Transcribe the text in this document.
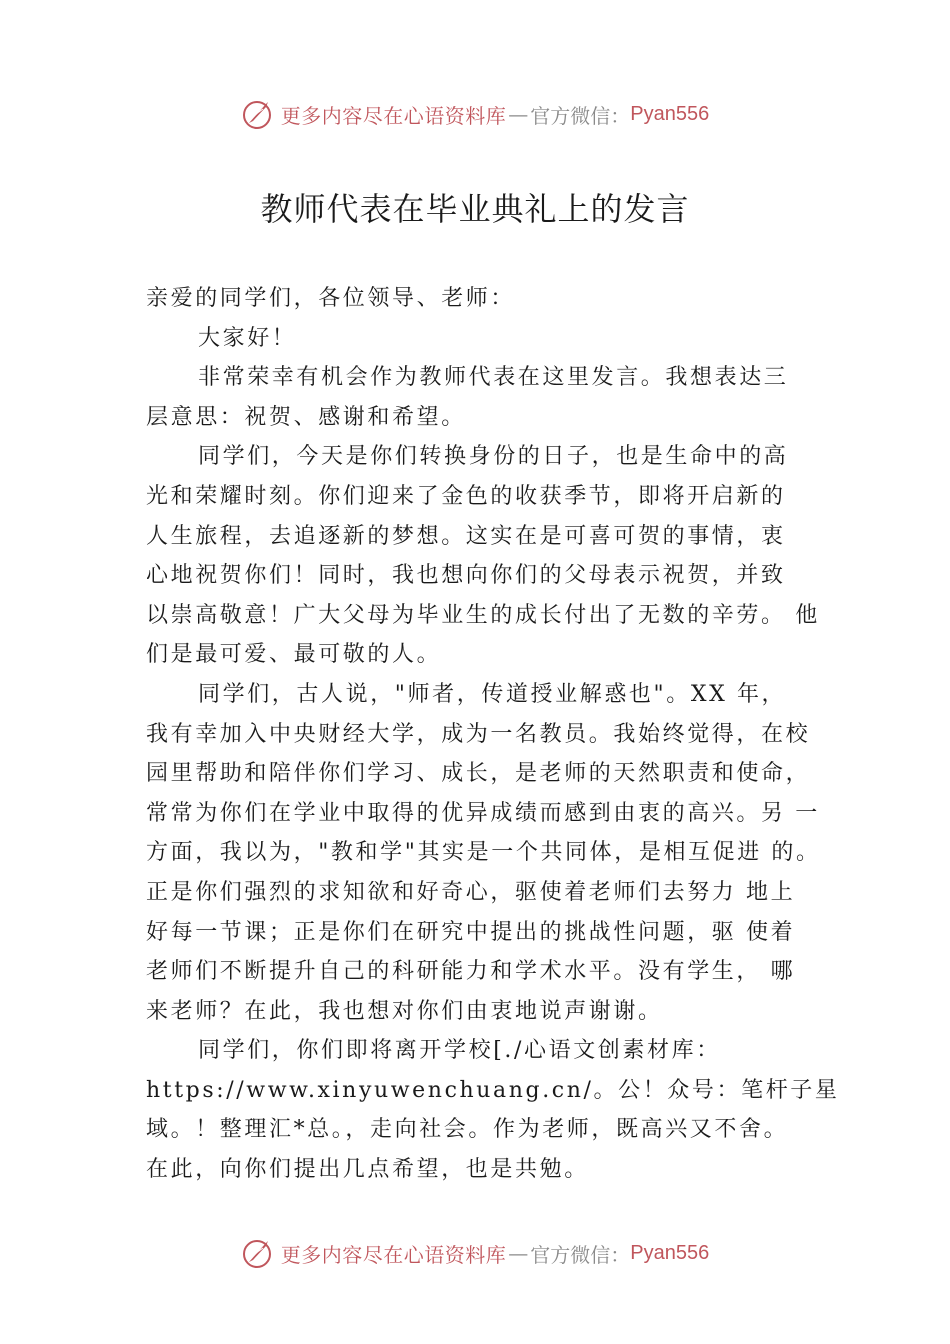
更多内容尽在心语资料库 — 官方微信： Pyan556
教师代表在毕业典礼上的发言
亲爱的同学们，各位领导、老师：
大家好！
非常荣幸有机会作为教师代表在这里发言。我想表达三
层意思：祝贺、感谢和希望。
同学们，今天是你们转换身份的日子，也是生命中的高
光和荣耀时刻。你们迎来了金色的收获季节，即将开启新的
人生旅程，去追逐新的梦想。这实在是可喜可贺的事情，衷
心地祝贺你们！同时，我也想向你们的父母表示祝贺，并致
以崇高敬意！广大父母为毕业生的成长付出了无数的辛劳。 他
们是最可爱、最可敬的人。
同学们，古人说，"师者，传道授业解惑也"。XX 年，
我有幸加入中央财经大学，成为一名教员。我始终觉得，在校
园里帮助和陪伴你们学习、成长，是老师的天然职责和使命，
常常为你们在学业中取得的优异成绩而感到由衷的高兴。另 一
方面，我以为，"教和学"其实是一个共同体，是相互促进 的。
正是你们强烈的求知欲和好奇心，驱使着老师们去努力 地上
好每一节课；正是你们在研究中提出的挑战性问题，驱 使着
老师们不断提升自己的科研能力和学术水平。没有学生， 哪
来老师？在此，我也想对你们由衷地说声谢谢。
同学们，你们即将离开学校[./心语文创素材库：
https://www.xinyuwenchuang.cn/。公！众号：笔杆子星
域。！整理汇*总。，走向社会。作为老师，既高兴又不舍。
在此，向你们提出几点希望，也是共勉。
更多内容尽在心语资料库 — 官方微信： Pyan556
